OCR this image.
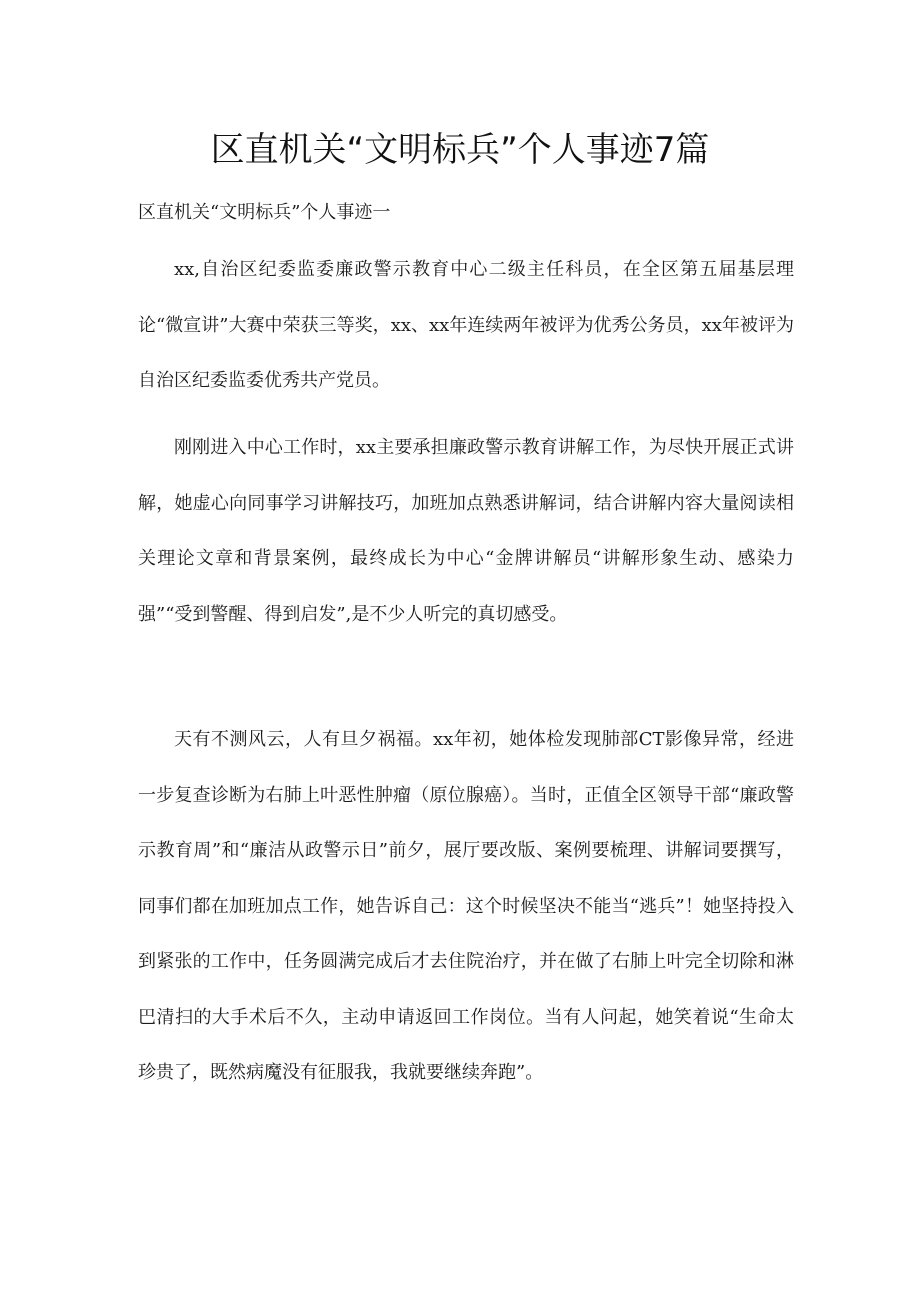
区直机关“文明标兵”个人事迹7篇
区直机关“文明标兵”个人事迹一

xx,自治区纪委监委廉政警示教育中心二级主任科员，在全区第五届基层理论“微宣讲”大赛中荣获三等奖，xx、xx年连续两年被评为优秀公务员，xx年被评为自治区纪委监委优秀共产党员。

刚刚进入中心工作时，xx主要承担廉政警示教育讲解工作，为尽快开展正式讲解，她虚心向同事学习讲解技巧，加班加点熟悉讲解词，结合讲解内容大量阅读相关理论文章和背景案例，最终成长为中心“金牌讲解员“讲解形象生动、感染力强”“受到警醒、得到启发”,是不少人听完的真切感受。

天有不测风云，人有旦夕祸福。xx年初，她体检发现肺部CT影像异常，经进一步复查诊断为右肺上叶恶性肿瘤（原位腺癌）。当时，正值全区领导干部“廉政警示教育周”和“廉洁从政警示日”前夕，展厅要改版、案例要梳理、讲解词要撰写，同事们都在加班加点工作，她告诉自己：这个时候坚决不能当“逃兵”！她坚持投入到紧张的工作中，任务圆满完成后才去住院治疗，并在做了右肺上叶完全切除和淋巴清扫的大手术后不久，主动申请返回工作岗位。当有人问起，她笑着说“生命太珍贵了，既然病魔没有征服我，我就要继续奔跑”。
